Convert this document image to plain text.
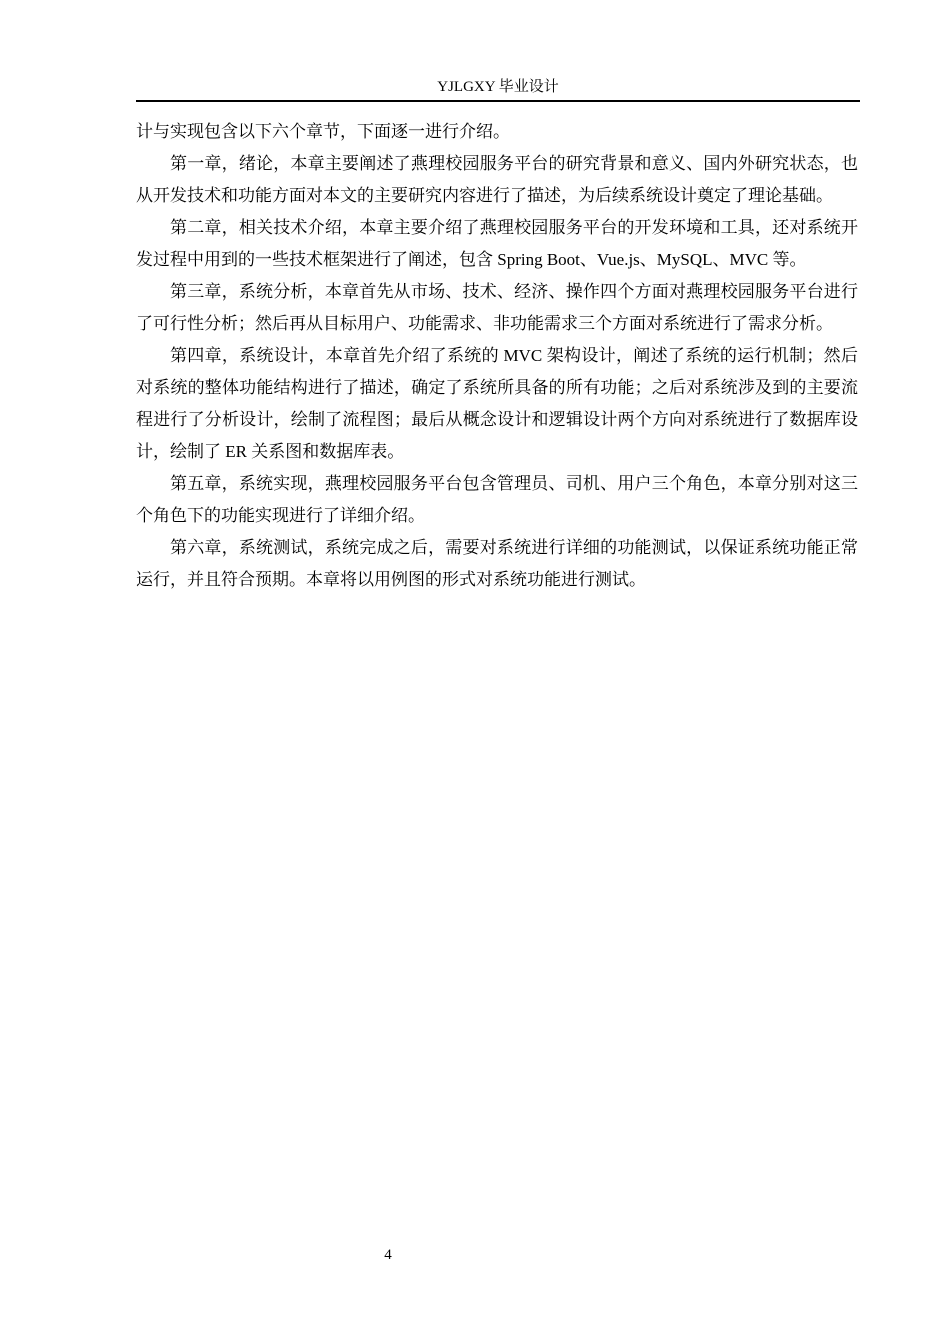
YJLGXY 毕业设计

计与实现包含以下六个章节，下面逐一进行介绍。

第一章，绪论，本章主要阐述了燕理校园服务平台的研究背景和意义、国内外研究状态，也从开发技术和功能方面对本文的主要研究内容进行了描述，为后续系统设计奠定了理论基础。

第二章，相关技术介绍，本章主要介绍了燕理校园服务平台的开发环境和工具，还对系统开发过程中用到的一些技术框架进行了阐述，包含 Spring Boot、Vue.js、MySQL、MVC 等。

第三章，系统分析，本章首先从市场、技术、经济、操作四个方面对燕理校园服务平台进行了可行性分析；然后再从目标用户、功能需求、非功能需求三个方面对系统进行了需求分析。

第四章，系统设计，本章首先介绍了系统的 MVC 架构设计，阐述了系统的运行机制；然后对系统的整体功能结构进行了描述，确定了系统所具备的所有功能；之后对系统涉及到的主要流程进行了分析设计，绘制了流程图；最后从概念设计和逻辑设计两个方向对系统进行了数据库设计，绘制了 ER 关系图和数据库表。

第五章，系统实现，燕理校园服务平台包含管理员、司机、用户三个角色，本章分别对这三个角色下的功能实现进行了详细介绍。

第六章，系统测试，系统完成之后，需要对系统进行详细的功能测试，以保证系统功能正常运行，并且符合预期。本章将以用例图的形式对系统功能进行测试。

4
